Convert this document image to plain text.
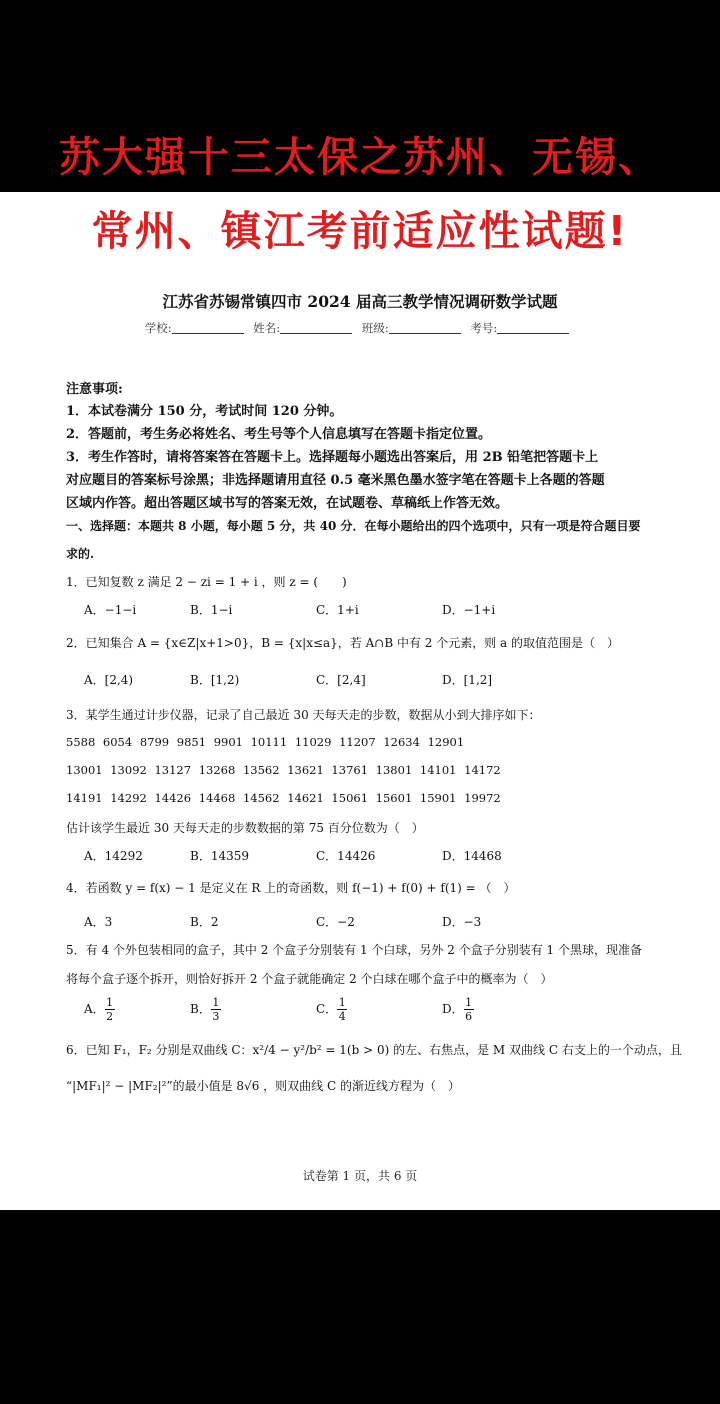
苏大强十三太保之苏州、无锡、
常州、镇江考前适应性试题!
江苏省苏锡常镇四市 2024 届高三教学情况调研数学试题
学校:	姓名:	班级:	考号:
注意事项:
1．本试卷满分 150 分，考试时间 120 分钟。
2．答题前，考生务必将姓名、考生号等个人信息填写在答题卡指定位置。
3．考生作答时，请将答案答在答题卡上。选择题每小题选出答案后，用 2B 铅笔把答题卡上
对应题目的答案标号涂黑；非选择题请用直径 0.5 毫米黑色墨水签字笔在答题卡上各题的答题
区域内作答。超出答题区域书写的答案无效，在试题卷、草稿纸上作答无效。
一、选择题：本题共 8 小题，每小题 5 分，共 40 分．在每小题给出的四个选项中，只有一项是符合题目要
求的.
1．已知复数 z 满足 2 − zi = 1 + i ，则 z = (　　)
A．−1−i	B．1−i	C．1+i	D．−1+i
2．已知集合 A = {x∈Z|x+1>0}，B = {x|x≤a}，若 A∩B 中有 2 个元素，则 a 的取值范围是（　）
A．[2,4)	B．[1,2)	C．[2,4]	D．[1,2]
3．某学生通过计步仪器，记录了自己最近 30 天每天走的步数，数据从小到大排序如下：
5588 6054 8799 9851 9901 10111 11029 11207 12634 12901
13001 13092 13127 13268 13562 13621 13761 13801 14101 14172
14191 14292 14426 14468 14562 14621 15061 15601 15901 19972
估计该学生最近 30 天每天走的步数数据的第 75 百分位数为（　）
A．14292	B．14359	C．14426	D．14468
4．若函数 y = f(x) − 1 是定义在 R 上的奇函数，则 f(−1) + f(0) + f(1) = （　）
A．3	B．2	C．−2	D．−3
5．有 4 个外包装相同的盒子，其中 2 个盒子分别装有 1 个白球，另外 2 个盒子分别装有 1 个黑球，现准备
将每个盒子逐个拆开，则恰好拆开 2 个盒子就能确定 2 个白球在哪个盒子中的概率为（　）
A． $\frac{1}{2}$	B． $\frac{1}{3}$	C． $\frac{1}{4}$	D． $\frac{1}{6}$
6．已知 F₁，F₂ 分别是双曲线 C：x²/4 − y²/b² = 1(b > 0) 的左、右焦点，是 M 双曲线 C 右支上的一个动点，且
“|MF₁|² − |MF₂|²”的最小值是 8√6 ，则双曲线 C 的渐近线方程为（　）
试卷第 1 页，共 6 页
